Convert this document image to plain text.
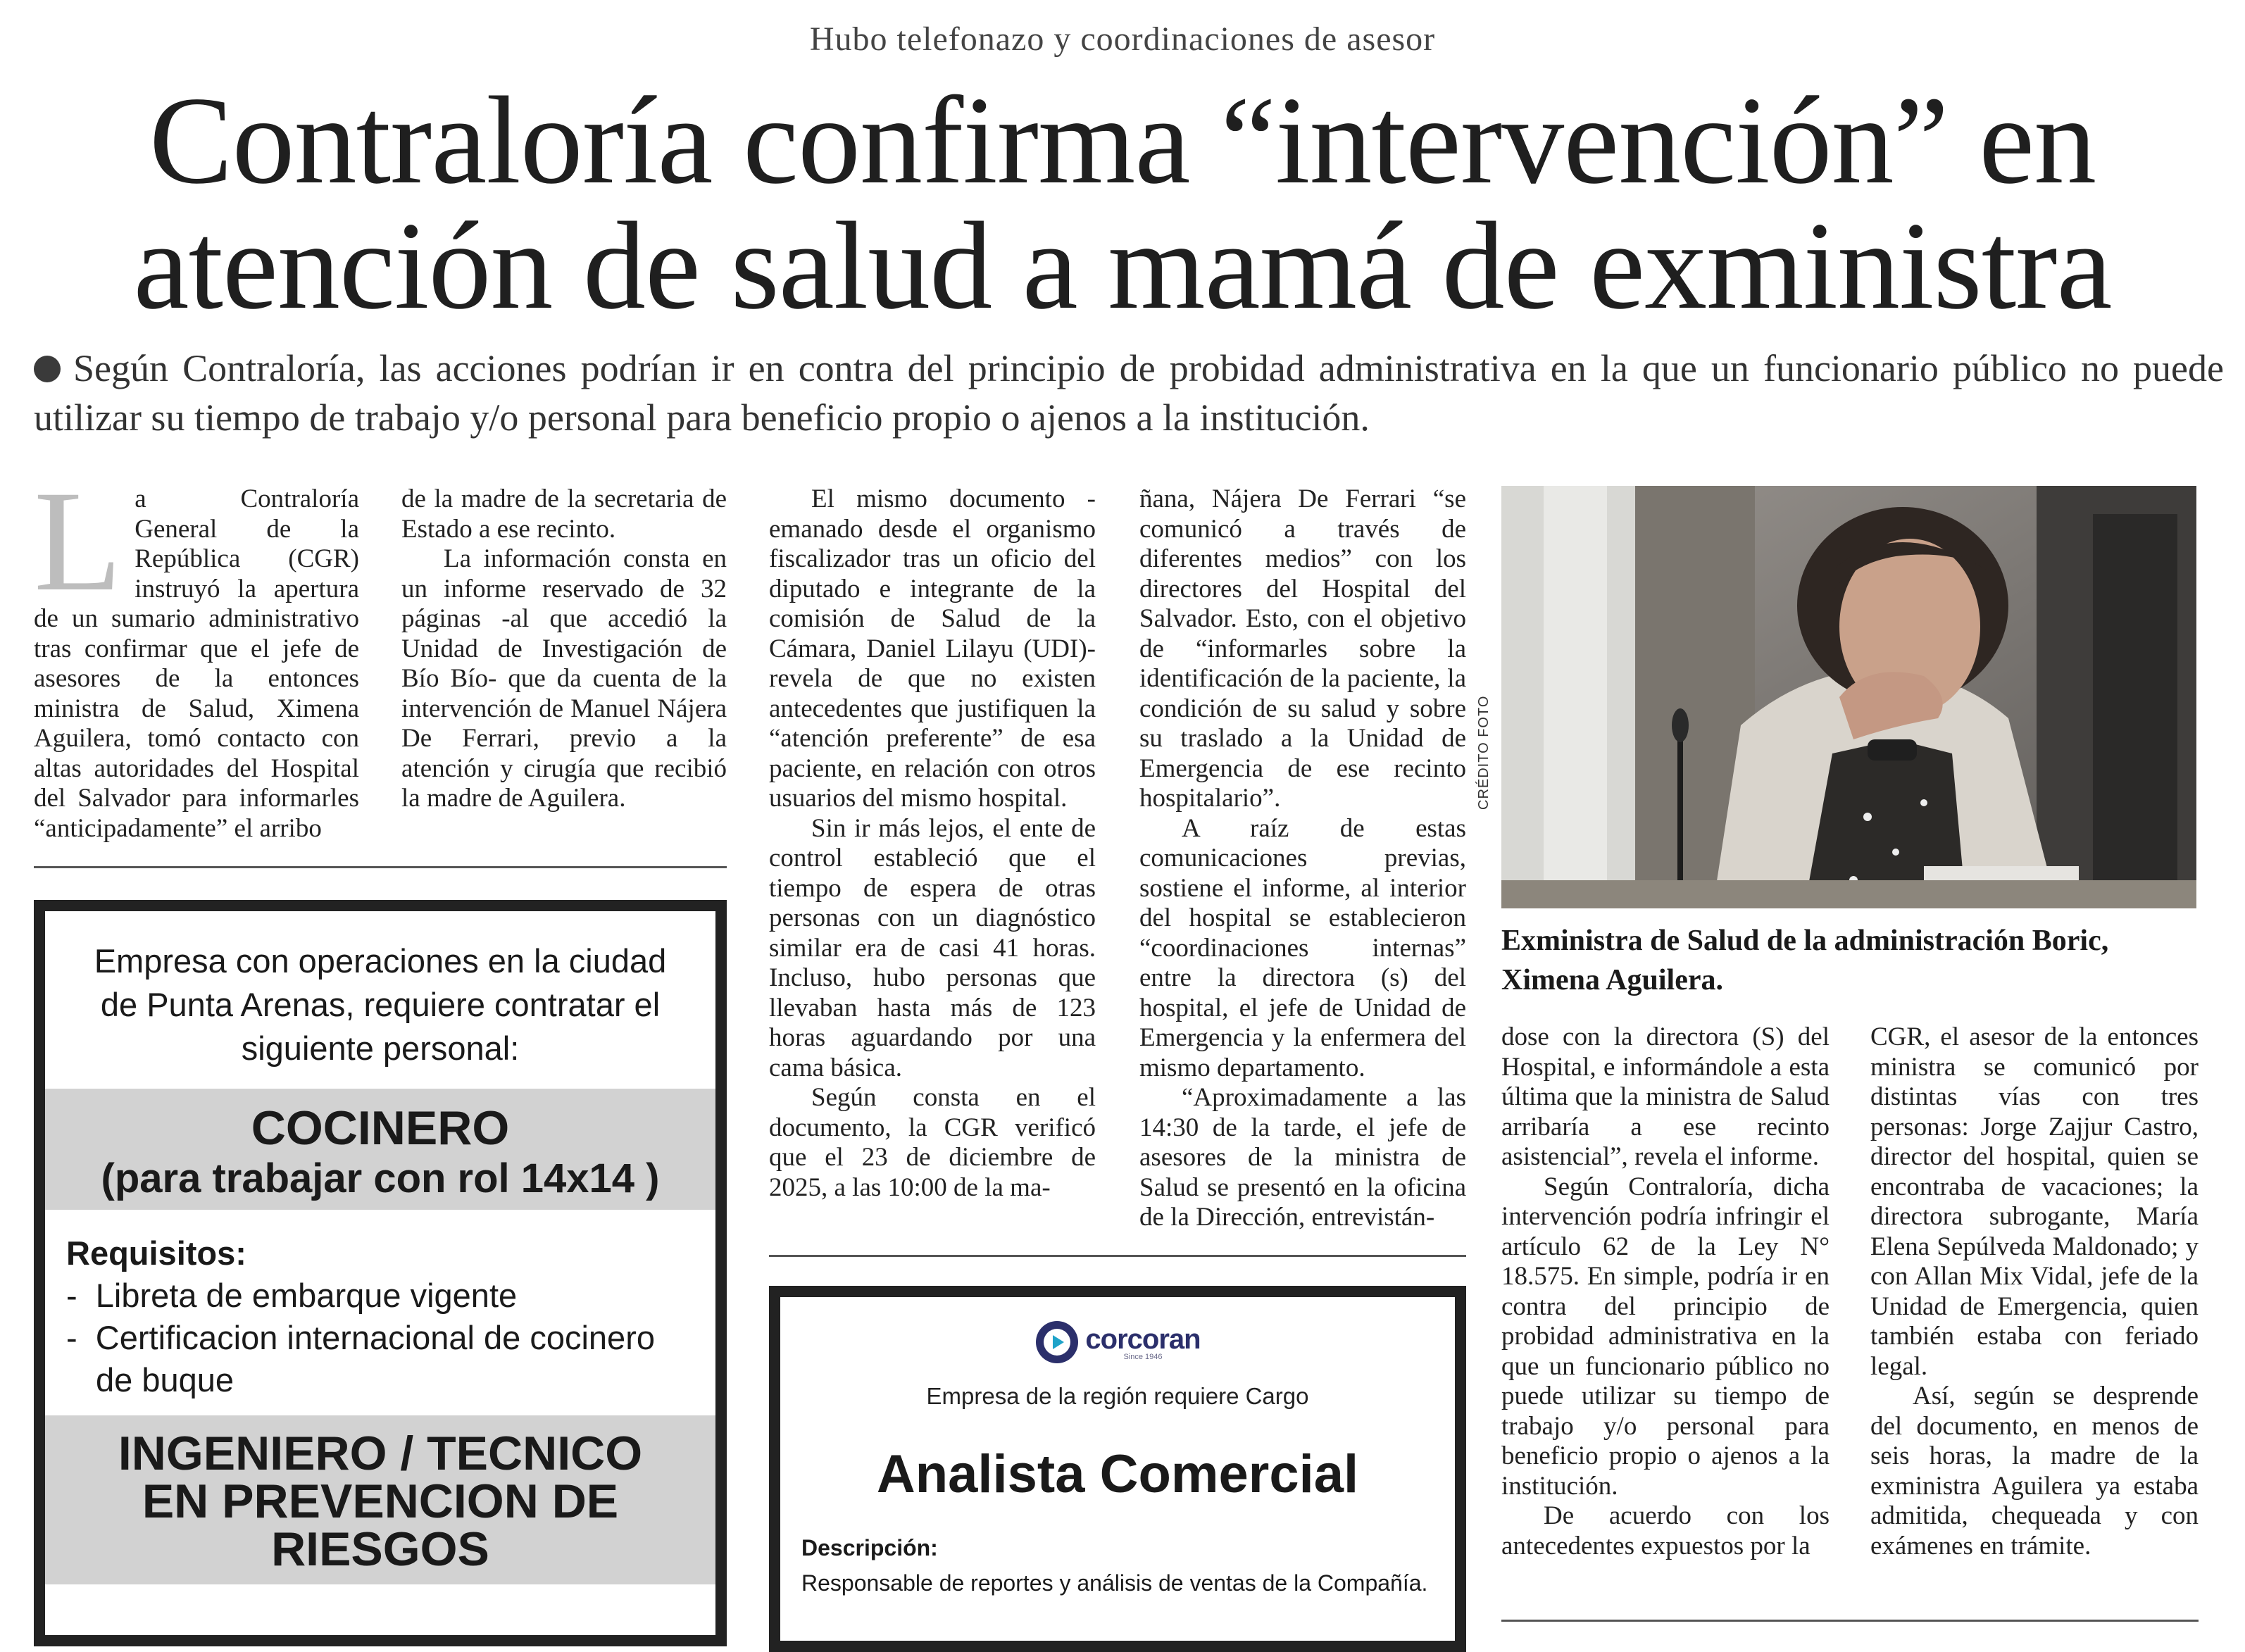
Hubo telefonazo y coordinaciones de asesor
Contraloría confirma “intervención” en
atención de salud a mamá de exministra
Según Contraloría, las acciones podrían ir en contra del principio de probidad administrativa en la que un funcionario público no puede utilizar su tiempo de trabajo y/o personal para beneficio propio o ajenos a la institución.
L a Contraloría General de la República (CGR) instruyó la apertura de un sumario administrativo tras confirmar que el jefe de asesores de la entonces ministra de Salud, Ximena Aguilera, tomó contacto con altas autoridades del Hospital del Salvador para informarles “anticipadamente” el arribo

de la madre de la secretaria de Estado a ese recinto.

La información consta en un informe reservado de 32 páginas -al que accedió la Unidad de Investigación de Bío Bío- que da cuenta de la intervención de Manuel Nájera De Ferrari, previo a la atención y cirugía que recibió la madre de Aguilera.

El mismo documento -emanado desde el organismo fiscalizador tras un oficio del diputado e integrante de la comisión de Salud de la Cámara, Daniel Lilayu (UDI)- revela de que no existen antecedentes que justifiquen la “atención preferente” de esa paciente, en relación con otros usuarios del mismo hospital.

Sin ir más lejos, el ente de control estableció que el tiempo de espera de otras personas con un diagnóstico similar era de casi 41 horas. Incluso, hubo personas que llevaban hasta más de 123 horas aguardando por una cama básica.

Según consta en el documento, la CGR verificó que el 23 de diciembre de 2025, a las 10:00 de la ma-

ñana, Nájera De Ferrari “se comunicó a través de diferentes medios” con los directores del Hospital del Salvador. Esto, con el objetivo de “informarles sobre la identificación de la paciente, la condición de su salud y sobre su traslado a la Unidad de Emergencia de ese recinto hospitalario”.

A raíz de estas comunicaciones previas, sostiene el informe, al interior del hospital se establecieron “coordinaciones internas” entre la directora (s) del hospital, el jefe de Unidad de Emergencia y la enfermera del mismo departamento.

“Aproximadamente a las 14:30 de la tarde, el jefe de asesores de la ministra de Salud se presentó en la oficina de la Dirección, entrevistán-

CRÉDITO FOTO
Exministra de Salud de la administración Boric, Ximena Aguilera.

dose con la directora (S) del Hospital, e informándole a esta última que la ministra de Salud arribaría a ese recinto asistencial”, revela el informe.

Según Contraloría, dicha intervención podría infringir el artículo 62 de la Ley N° 18.575. En simple, podría ir en contra del principio de probidad administrativa en la que un funcionario público no puede utilizar su tiempo de trabajo y/o personal para beneficio propio o ajenos a la institución.

De acuerdo con los antecedentes expuestos por la

CGR, el asesor de la entonces ministra se comunicó por distintas vías con tres personas: Jorge Zajjur Castro, director del hospital, quien se encontraba de vacaciones; la directora subrogante, María Elena Sepúlveda Maldonado; y con Allan Mix Vidal, jefe de la Unidad de Emergencia, quien también estaba con feriado legal.

Así, según se desprende del documento, en menos de seis horas, la madre de la exministra Aguilera ya estaba admitida, chequeada y con exámenes en trámite.

Empresa con operaciones en la ciudad de Punta Arenas, requiere contratar el siguiente personal:
COCINERO
(para trabajar con rol 14x14 )
Requisitos:
-  Libreta de embarque vigente
-  Certificacion internacional de cocinero de buque
INGENIERO / TECNICO EN PREVENCION DE RIESGOS
corcoran
Since 1946
Empresa de la región requiere Cargo
Analista Comercial
Descripción:
Responsable de reportes y análisis de ventas de la Compañía.
